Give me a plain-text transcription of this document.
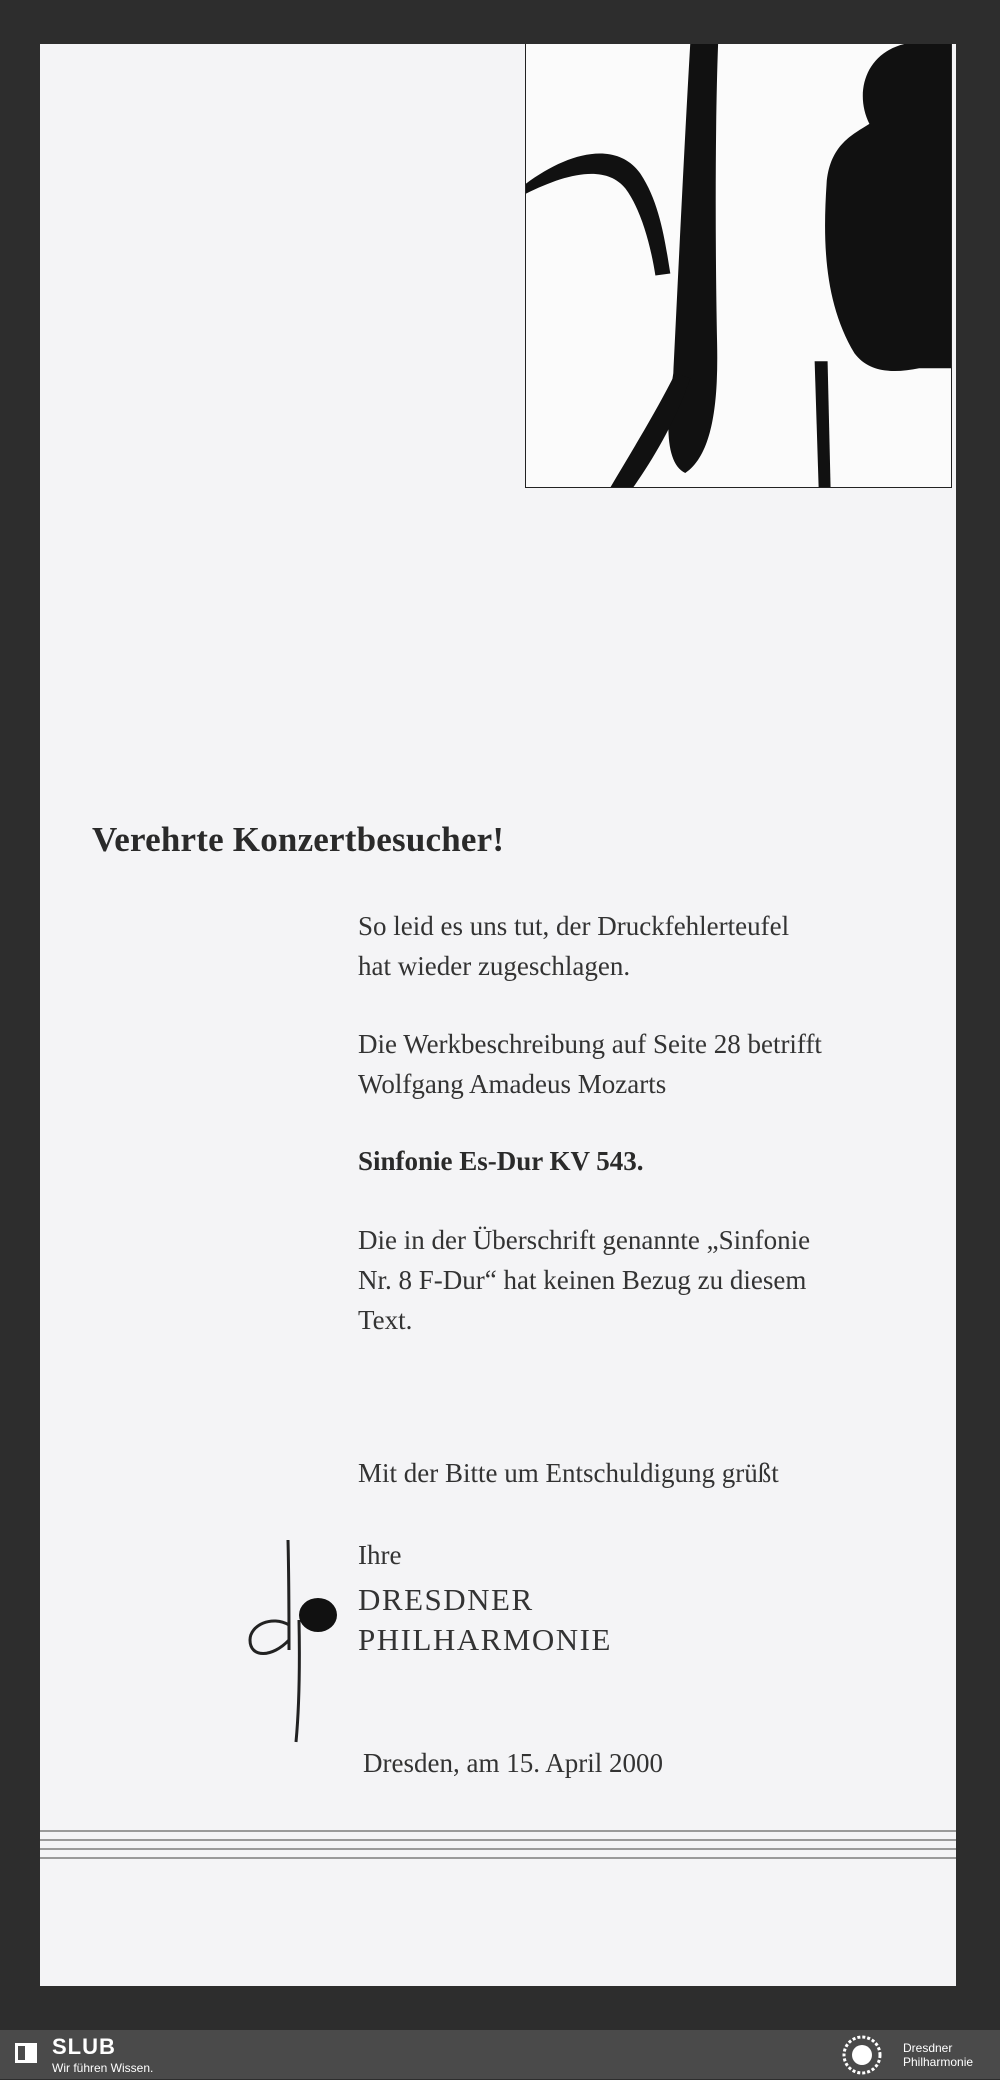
Verehrte Konzertbesucher!
So leid es uns tut, der Druckfehlerteufel
hat wieder zugeschlagen.
Die Werkbeschreibung auf Seite 28 betrifft
Wolfgang Amadeus Mozarts
Sinfonie Es-Dur KV 543.
Die in der Überschrift genannte „Sinfonie
Nr. 8 F-Dur“ hat keinen Bezug zu diesem
Text.
Mit der Bitte um Entschuldigung grüßt
Ihre
DRESDNER
PHILHARMONIE
Dresden, am 15. April 2000
SLUB
Wir führen Wissen.
Dresdner
Philharmonie
